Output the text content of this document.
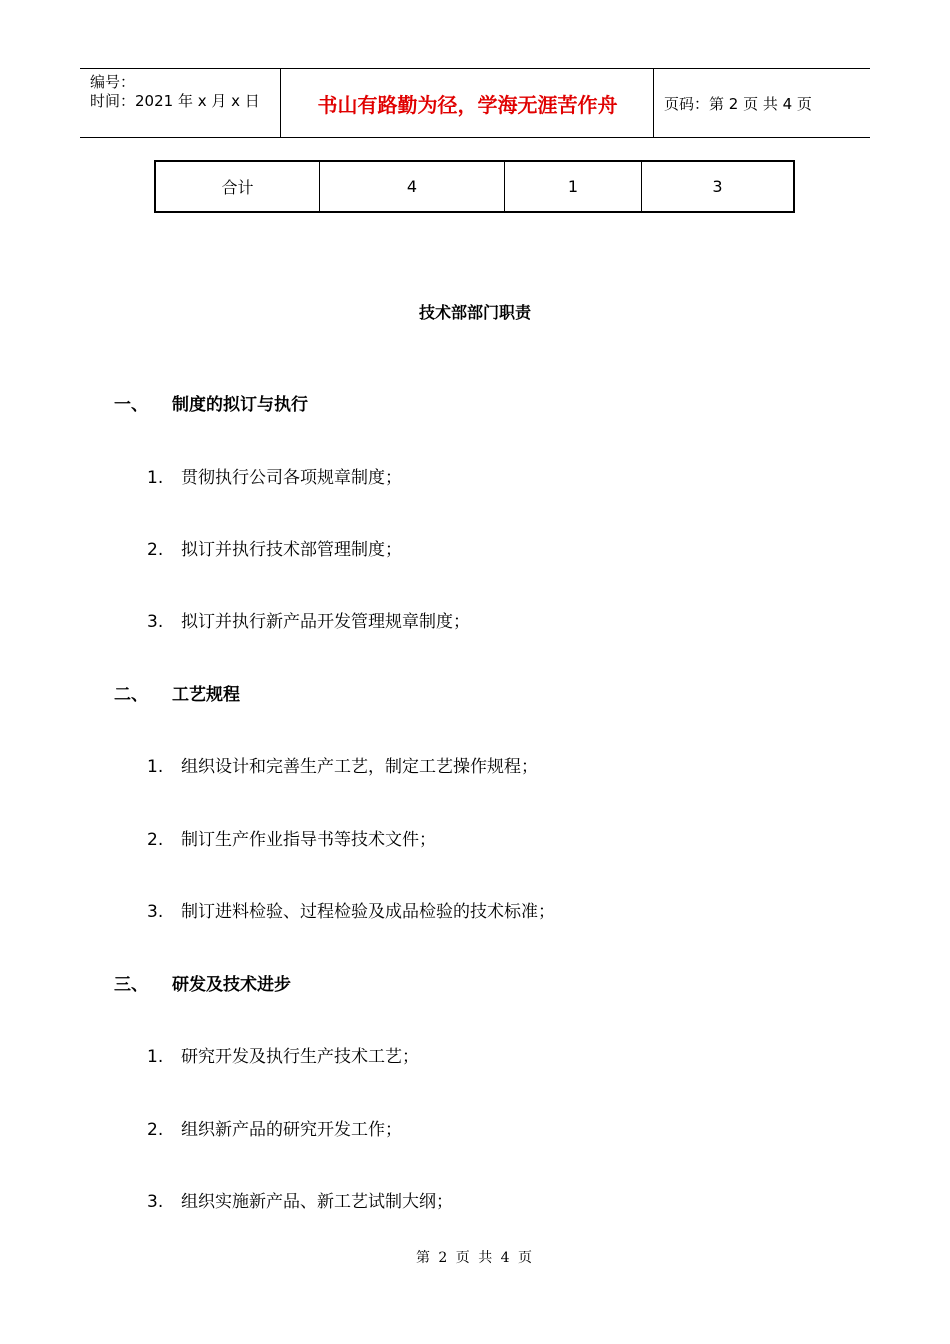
编号：
时间：2021 年 x 月 x 日	书山有路勤为径，学海无涯苦作舟	页码：第 2 页 共 4 页
合计	4	1	3
技术部部门职责
一、 制度的拟订与执行
1. 贯彻执行公司各项规章制度；
2. 拟订并执行技术部管理制度；
3. 拟订并执行新产品开发管理规章制度；
二、 工艺规程
1. 组织设计和完善生产工艺，制定工艺操作规程；
2. 制订生产作业指导书等技术文件；
3. 制订进料检验、过程检验及成品检验的技术标准；
三、 研发及技术进步
1. 研究开发及执行生产技术工艺；
2. 组织新产品的研究开发工作；
3. 组织实施新产品、新工艺试制大纲；
第 2 页 共 4 页
